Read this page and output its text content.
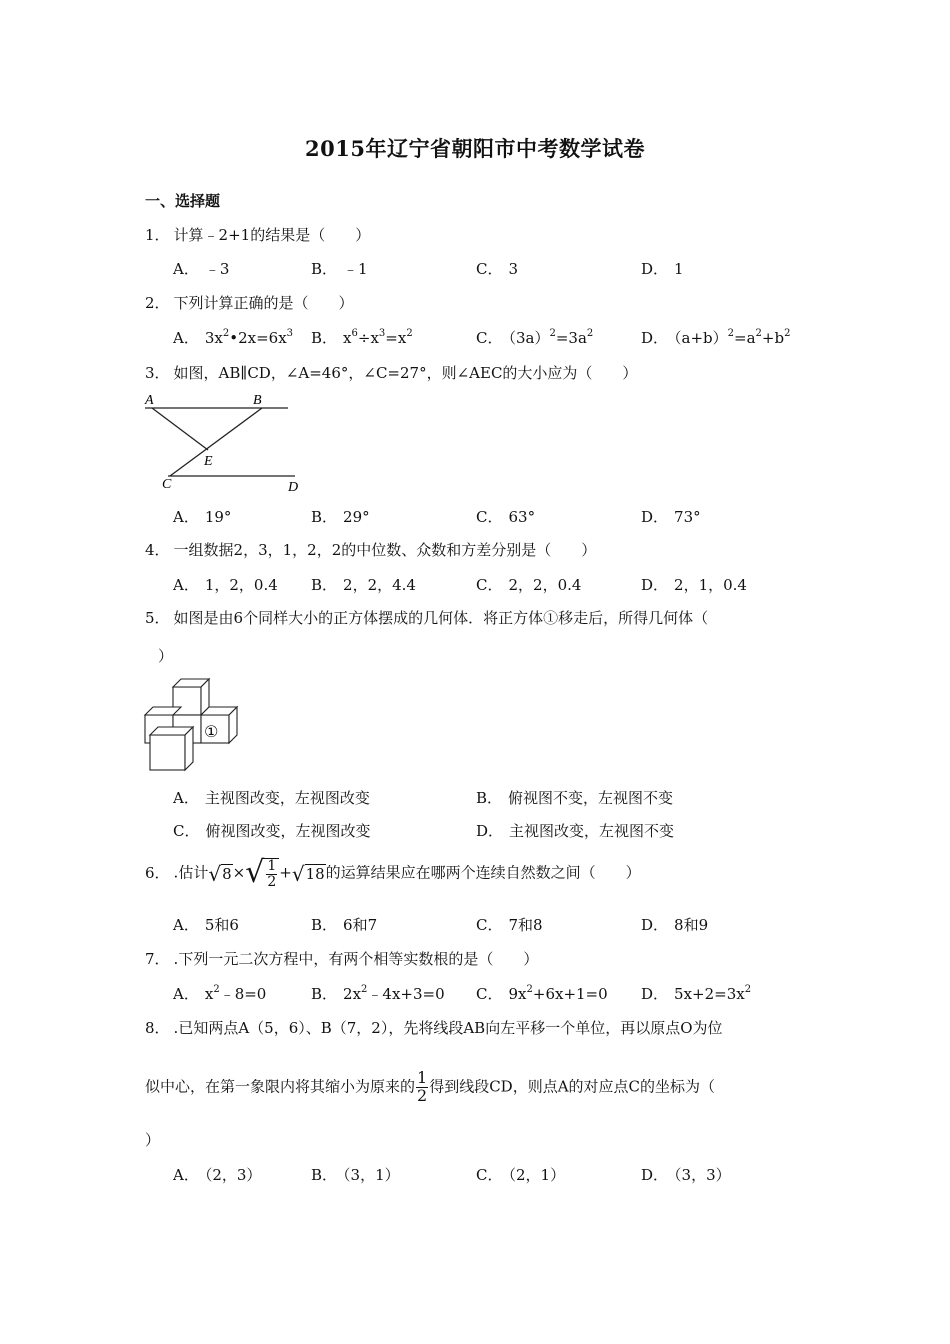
2015年辽宁省朝阳市中考数学试卷
一、选择题
1． 计算﹣2+1的结果是（　　）
A． ﹣3	B． ﹣1	C． 3	D． 1
2． 下列计算正确的是（　　）
A． $3x^2•2x=6x^3$ B． $x^6\div x^3=x^2$	C． $(3a)^2=3a^2$	D． $(a+b)^2=a^2+b^2$
3． 如图，AB∥CD，∠A=46°，∠C=27°，则∠AEC的大小应为（　　）
A	B
C	D
E
A． 19°	B． 29°	C． 63°	D． 73°
4． 一组数据2，3，1，2，2的中位数、众数和方差分别是（　　）
A． 1，2，0.4 B． 2，2，4.4	C． 2，2，0.4	D． 2，1，0.4
5． 如图是由6个同样大小的正方体摆成的几何体．将正方体①移走后，所得几何体（
）
①
A． 主视图改变，左视图改变	B． 俯视图不变，左视图不变
C． 俯视图改变，左视图改变	D． 主视图改变，左视图不变
6． .估计 √ 8 × √ $\frac{1}{2}$ + √ 18 的运算结果应在哪两个连续自然数之间（　　）
A． 5和6	B． 6和7	C． 7和8	D． 8和9
7． .下列一元二次方程中，有两个相等实数根的是（　　）
A． $x^2﹣8=0$	B． $2x^2﹣4x+3=0$ C． $9x^2+6x+1=0$ D． $5x+2=3x^2$
8． .已知两点A（5，6）、B（7，2），先将线段AB向左平移一个单位，再以原点O为位
似中心，在第一象限内将其缩小为原来的 $\frac{1}{2}$ 得到线段CD，则点A的对应点C的坐标为（
）
A． （2，3）	B． （3，1）	C． （2，1）	D． （3，3）
